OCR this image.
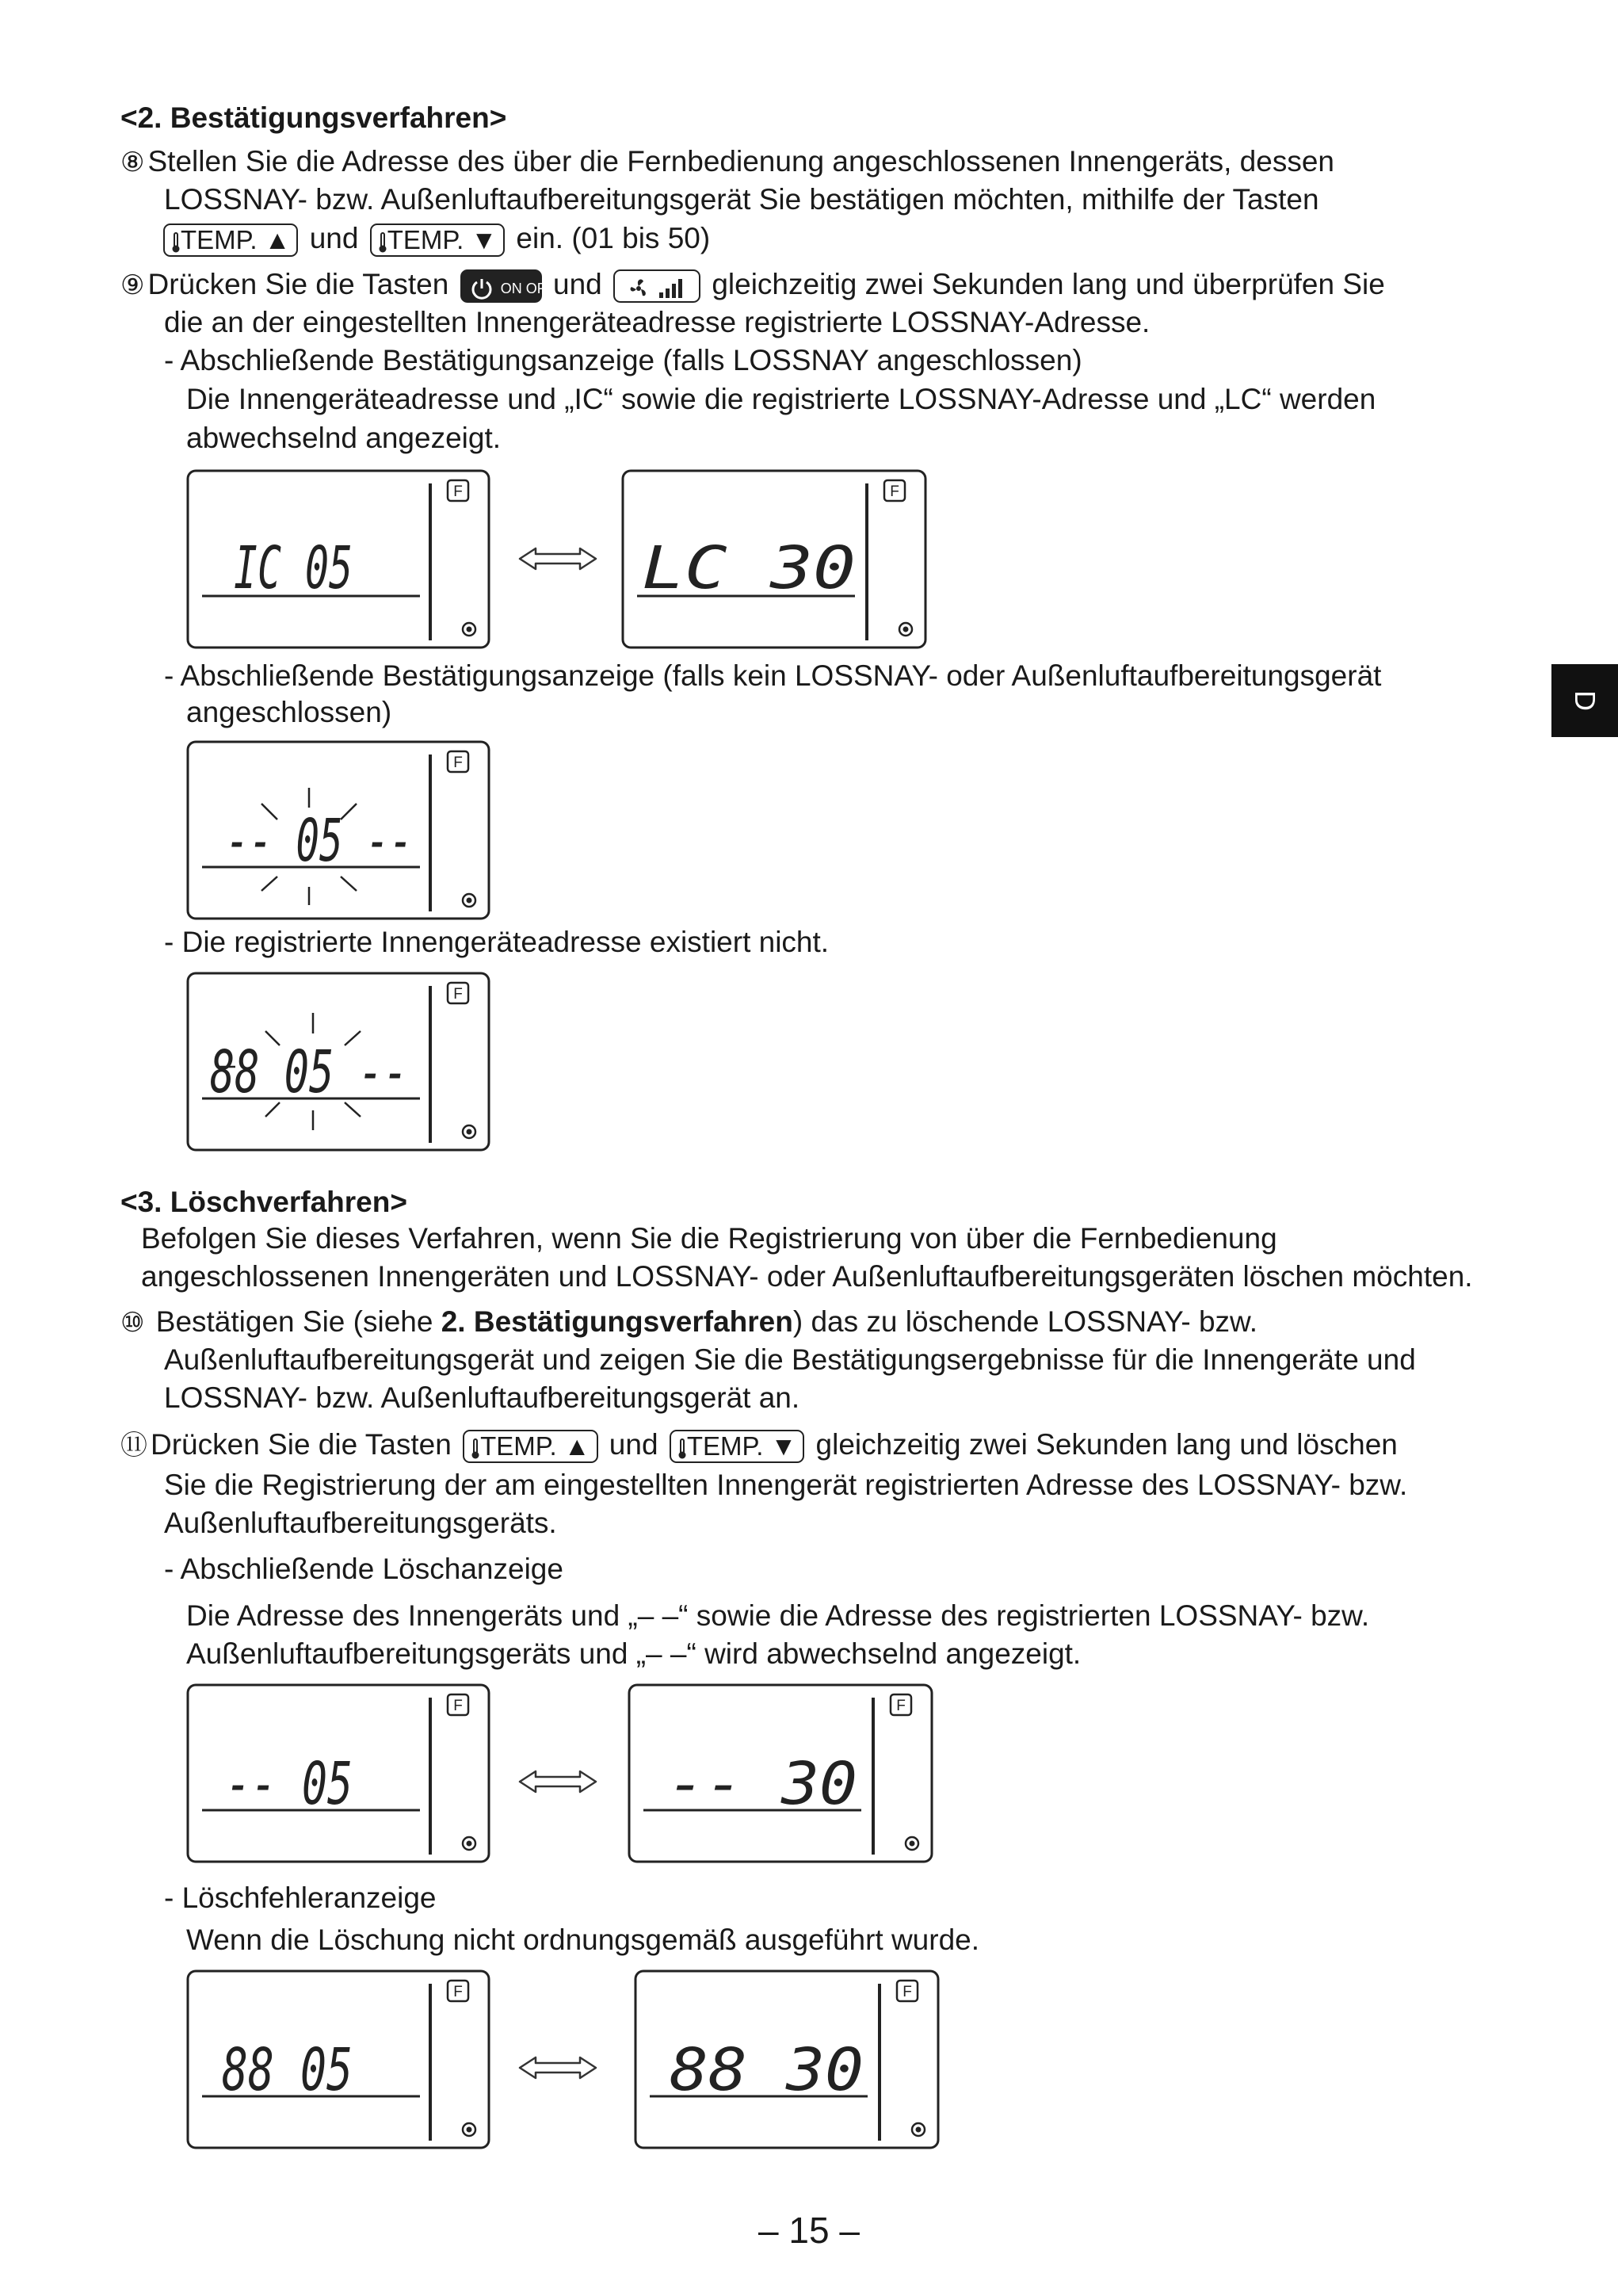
<2. Bestätigungsverfahren>
⑧ Stellen Sie die Adresse des über die Fernbedienung angeschlossenen Innengeräts, dessen
LOSSNAY- bzw. Außenluftaufbereitungsgerät Sie bestätigen möchten, mithilfe der Tasten
TEMP. ▲ und TEMP. ▼ ein. (01 bis 50)
⑨ Drücken Sie die Tasten	ON OFF und	gleichzeitig zwei Sekunden lang und überprüfen Sie
die an der eingestellten Innengeräteadresse registrierte LOSSNAY-Adresse.
- Abschließende Bestätigungsanzeige (falls LOSSNAY angeschlossen)
Die Innengeräteadresse und „IC“ sowie die registrierte LOSSNAY-Adresse und „LC“ werden
abwechselnd angezeigt.
F
IC 05
F
LC 30
- Abschließende Bestätigungsanzeige (falls kein LOSSNAY- oder Außenluftaufbereitungsgerät
angeschlossen)
F
-- 05 --
- Die registrierte Innengeräteadresse existiert nicht.
F
88 05 --
<3. Löschverfahren>
Befolgen Sie dieses Verfahren, wenn Sie die Registrierung von über die Fernbedienung
angeschlossenen Innengeräten und LOSSNAY- oder Außenluftaufbereitungsgeräten löschen möchten.
⑩ Bestätigen Sie (siehe 2. Bestätigungsverfahren) das zu löschende LOSSNAY- bzw.
Außenluftaufbereitungsgerät und zeigen Sie die Bestätigungsergebnisse für die Innengeräte und
LOSSNAY- bzw. Außenluftaufbereitungsgerät an.
⑪ Drücken Sie die Tasten TEMP. ▲ und TEMP. ▼ gleichzeitig zwei Sekunden lang und löschen
Sie die Registrierung der am eingestellten Innengerät registrierten Adresse des LOSSNAY- bzw.
Außenluftaufbereitungsgeräts.
- Abschließende Löschanzeige
Die Adresse des Innengeräts und „– –“ sowie die Adresse des registrierten LOSSNAY- bzw.
Außenluftaufbereitungsgeräts und „– –“ wird abwechselnd angezeigt.
F
-- 05
F
-- 30
- Löschfehleranzeige
Wenn die Löschung nicht ordnungsgemäß ausgeführt wurde.
F
88 05
F
88 30
D
– 15 –
